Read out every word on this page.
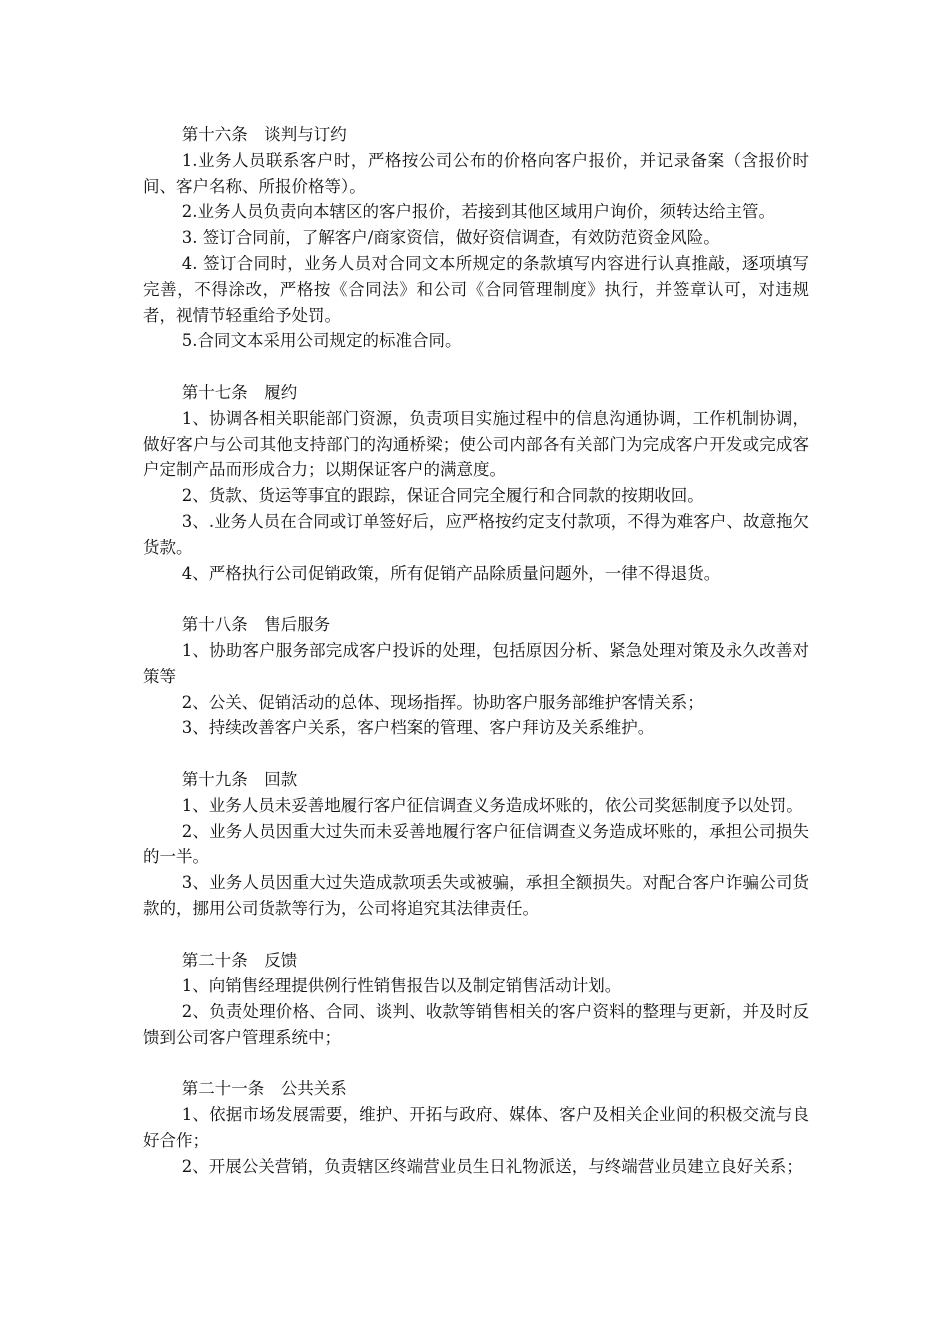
第十六条　谈判与订约

1.业务人员联系客户时，严格按公司公布的价格向客户报价，并记录备案（含报价时间、客户名称、所报价格等）。

2.业务人员负责向本辖区的客户报价，若接到其他区域用户询价，须转达给主管。

3. 签订合同前，了解客户/商家资信，做好资信调查，有效防范资金风险。

4. 签订合同时，业务人员对合同文本所规定的条款填写内容进行认真推敲，逐项填写完善，不得涂改，严格按《合同法》和公司《合同管理制度》执行，并签章认可，对违规者，视情节轻重给予处罚。

5.合同文本采用公司规定的标准合同。

第十七条　履约

1、协调各相关职能部门资源，负责项目实施过程中的信息沟通协调，工作机制协调，做好客户与公司其他支持部门的沟通桥梁；使公司内部各有关部门为完成客户开发或完成客户定制产品而形成合力；以期保证客户的满意度。

2、货款、货运等事宜的跟踪，保证合同完全履行和合同款的按期收回。

3、.业务人员在合同或订单签好后，应严格按约定支付款项，不得为难客户、故意拖欠货款。

4、严格执行公司促销政策，所有促销产品除质量问题外，一律不得退货。

第十八条　售后服务

1、协助客户服务部完成客户投诉的处理，包括原因分析、紧急处理对策及永久改善对策等

2、公关、促销活动的总体、现场指挥。协助客户服务部维护客情关系；

3、持续改善客户关系，客户档案的管理、客户拜访及关系维护。

第十九条　回款

1、业务人员未妥善地履行客户征信调查义务造成坏账的，依公司奖惩制度予以处罚。

2、业务人员因重大过失而未妥善地履行客户征信调查义务造成坏账的，承担公司损失的一半。

3、业务人员因重大过失造成款项丢失或被骗，承担全额损失。对配合客户诈骗公司货款的，挪用公司货款等行为，公司将追究其法律责任。

第二十条　反馈

1、向销售经理提供例行性销售报告以及制定销售活动计划。

2、负责处理价格、合同、谈判、收款等销售相关的客户资料的整理与更新，并及时反馈到公司客户管理系统中；

第二十一条　公共关系

1、依据市场发展需要，维护、开拓与政府、媒体、客户及相关企业间的积极交流与良好合作；

2、开展公关营销，负责辖区终端营业员生日礼物派送，与终端营业员建立良好关系；
